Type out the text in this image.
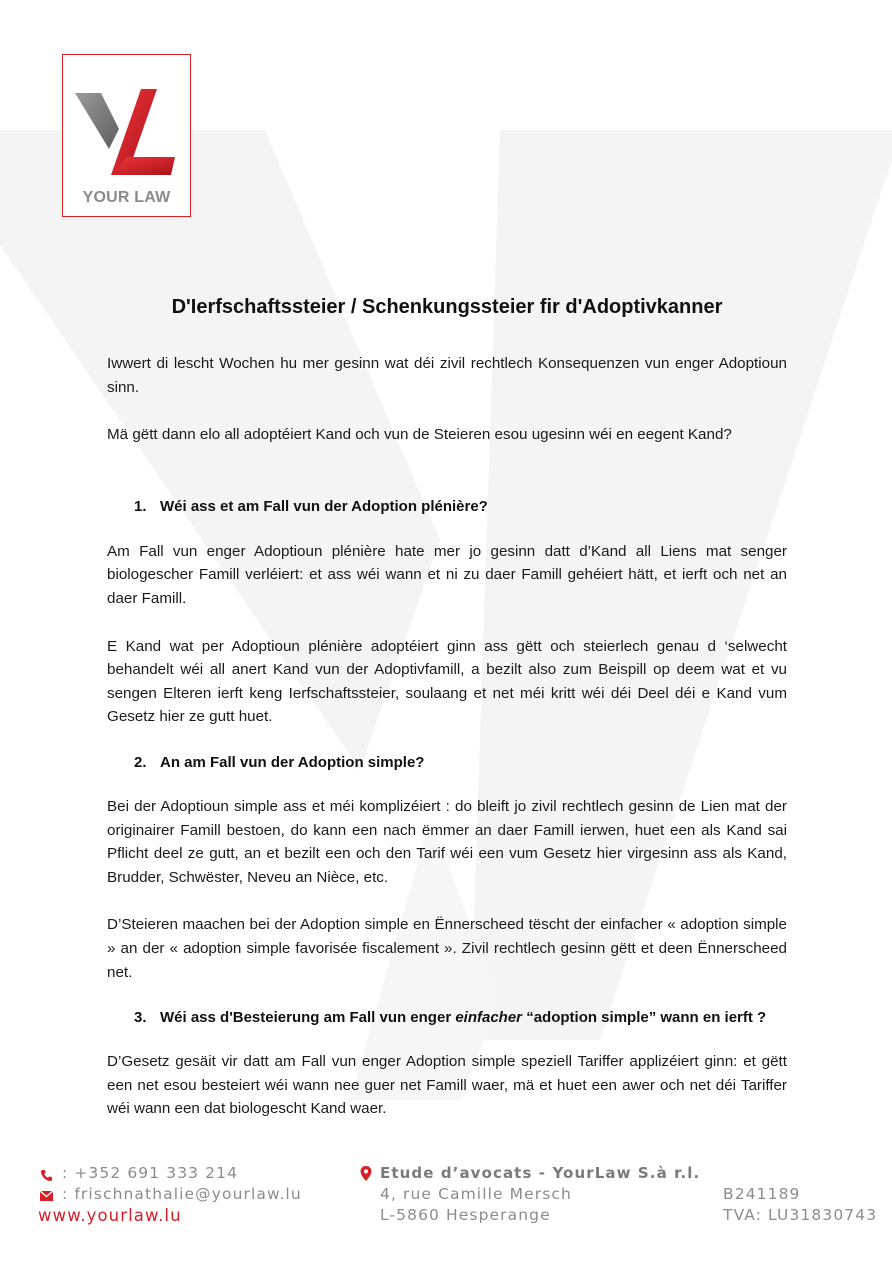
YOUR LAW
D'Ierfschaftssteier / Schenkungssteier fir d'Adoptivkanner

Iwwert di lescht Wochen hu mer gesinn wat déi zivil rechtlech Konsequenzen vun enger Adoptioun sinn.

Mä gëtt dann elo all adoptéiert Kand och vun de Steieren esou ugesinn wéi en eegent Kand?

1. Wéi ass et am Fall vun der Adoption plénière?

Am Fall vun enger Adoptioun plénière hate mer jo gesinn datt d’Kand all Liens mat senger biologescher Famill verléiert: et ass wéi wann et ni zu daer Famill gehéiert hätt, et ierft och net an daer Famill.

E Kand wat per Adoptioun plénière adoptéiert ginn ass gëtt och steierlech genau d ‘selwecht behandelt wéi all anert Kand vun der Adoptivfamill, a bezilt also zum Beispill op deem wat et vu sengen Elteren ierft keng Ierfschaftssteier, soulaang et net méi kritt wéi déi Deel déi e Kand vum Gesetz hier ze gutt huet.

2. An am Fall vun der Adoption simple?

Bei der Adoptioun simple ass et méi komplizéiert : do bleift jo zivil rechtlech gesinn de Lien mat der originairer Famill bestoen, do kann een nach ëmmer an daer Famill ierwen, huet een als Kand sai Pflicht deel ze gutt, an et bezilt een och den Tarif wéi een vum Gesetz hier virgesinn ass als Kand, Brudder, Schwëster, Neveu an Nièce, etc.

D’Steieren maachen bei der Adoption simple en Ënnerscheed tëscht der einfacher « adoption simple » an der « adoption simple favorisée fiscalement ». Zivil rechtlech gesinn gëtt et deen Ënnerscheed net.

3. Wéi ass d'Besteierung am Fall vun enger einfacher “adoption simple” wann en ierft ?

D’Gesetz gesäit vir datt am Fall vun enger Adoption simple speziell Tariffer applizéiert ginn: et gëtt een net esou besteiert wéi wann nee guer net Famill waer, mä et huet een awer och net déi Tariffer wéi wann een dat biologescht Kand waer.

: +352 691 333 214
: frischnathalie@yourlaw.lu
www.yourlaw.lu
Etude d’avocats - YourLaw S.à r.l.
4, rue Camille Mersch
L-5860 Hesperange
B241189
TVA: LU31830743
